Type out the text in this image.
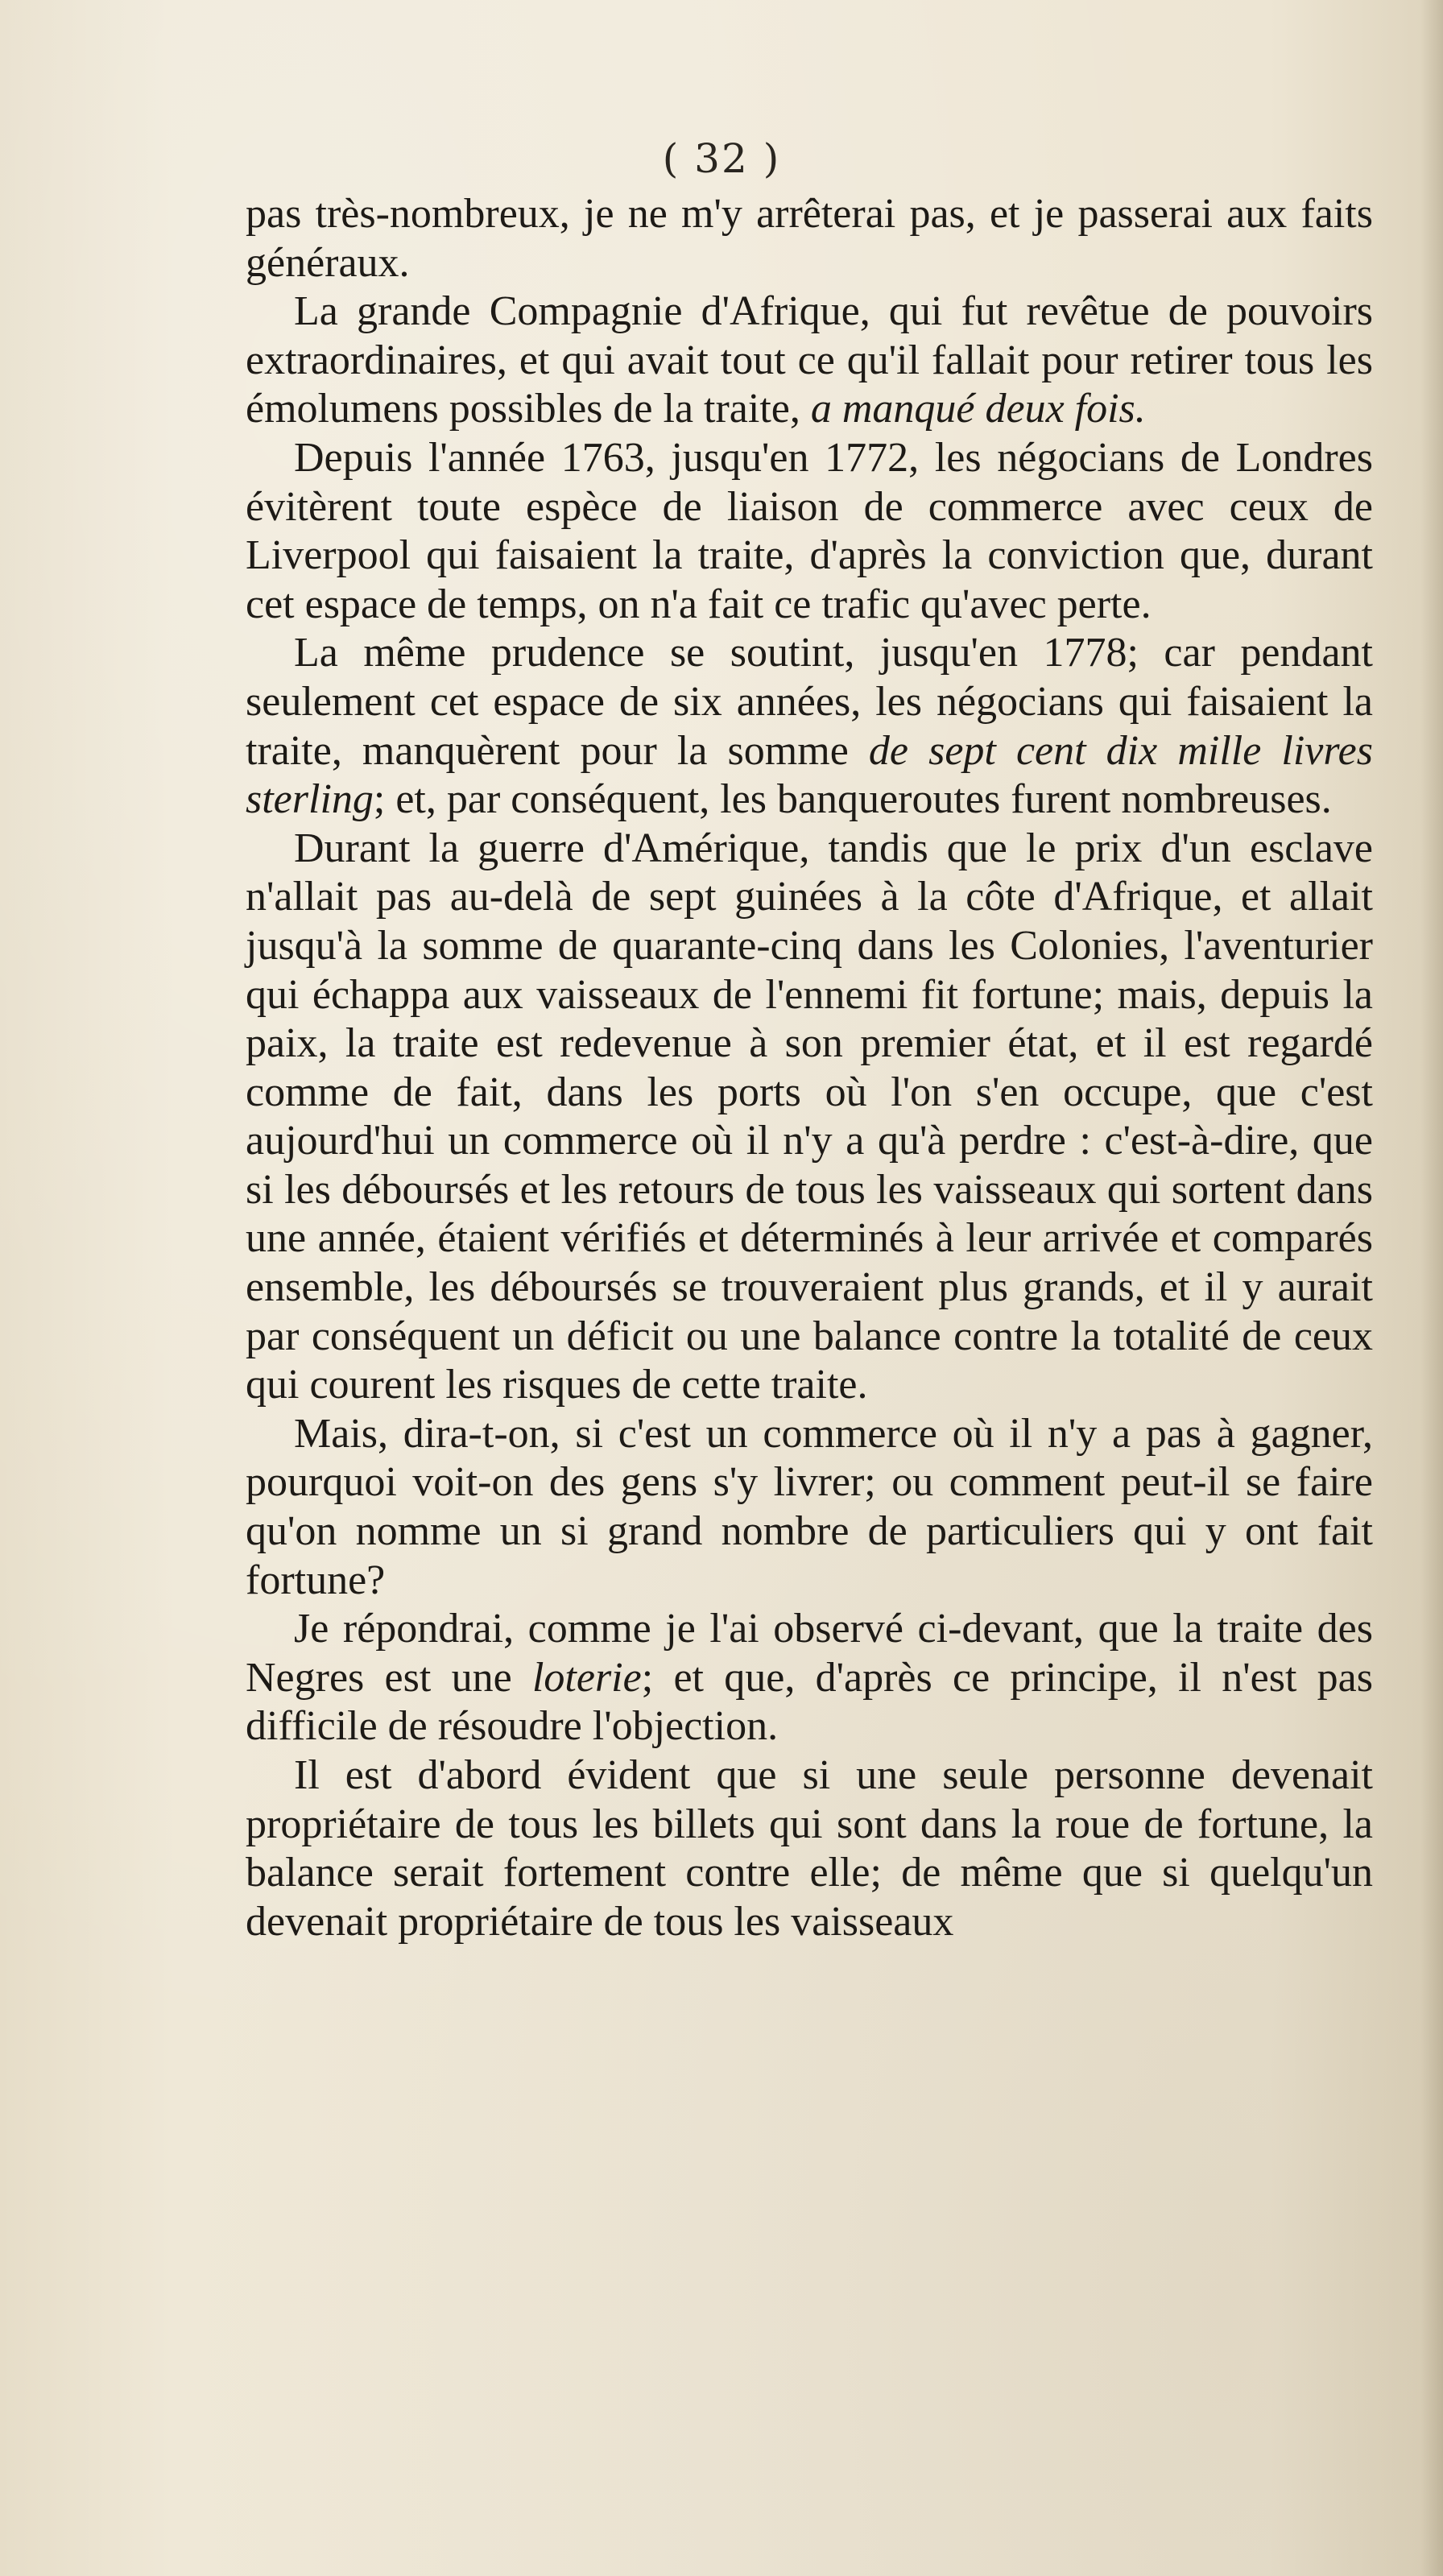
( 32 )

pas très-nombreux, je ne m'y arrêterai pas, et je passerai aux faits généraux.

La grande Compagnie d'Afrique, qui fut revêtue de pouvoirs extraordinaires, et qui avait tout ce qu'il fallait pour retirer tous les émolumens possibles de la traite, a manqué deux fois.

Depuis l'année 1763, jusqu'en 1772, les négocians de Londres évitèrent toute espèce de liaison de commerce avec ceux de Liverpool qui faisaient la traite, d'après la conviction que, durant cet espace de temps, on n'a fait ce trafic qu'avec perte.

La même prudence se soutint, jusqu'en 1778; car pendant seulement cet espace de six années, les négocians qui faisaient la traite, manquèrent pour la somme de sept cent dix mille livres sterling; et, par conséquent, les banqueroutes furent nombreuses.

Durant la guerre d'Amérique, tandis que le prix d'un esclave n'allait pas au-delà de sept guinées à la côte d'Afrique, et allait jusqu'à la somme de quarante-cinq dans les Colonies, l'aventurier qui échappa aux vaisseaux de l'ennemi fit fortune; mais, depuis la paix, la traite est redevenue à son premier état, et il est regardé comme de fait, dans les ports où l'on s'en occupe, que c'est aujourd'hui un commerce où il n'y a qu'à perdre : c'est-à-dire, que si les déboursés et les retours de tous les vaisseaux qui sortent dans une année, étaient vérifiés et déterminés à leur arrivée et comparés ensemble, les déboursés se trouveraient plus grands, et il y aurait par conséquent un déficit ou une balance contre la totalité de ceux qui courent les risques de cette traite.

Mais, dira-t-on, si c'est un commerce où il n'y a pas à gagner, pourquoi voit-on des gens s'y livrer; ou comment peut-il se faire qu'on nomme un si grand nombre de particuliers qui y ont fait fortune?

Je répondrai, comme je l'ai observé ci-devant, que la traite des Negres est une loterie; et que, d'après ce principe, il n'est pas difficile de résoudre l'objection.

Il est d'abord évident que si une seule personne devenait propriétaire de tous les billets qui sont dans la roue de fortune, la balance serait fortement contre elle; de même que si quelqu'un devenait propriétaire de tous les vaisseaux
